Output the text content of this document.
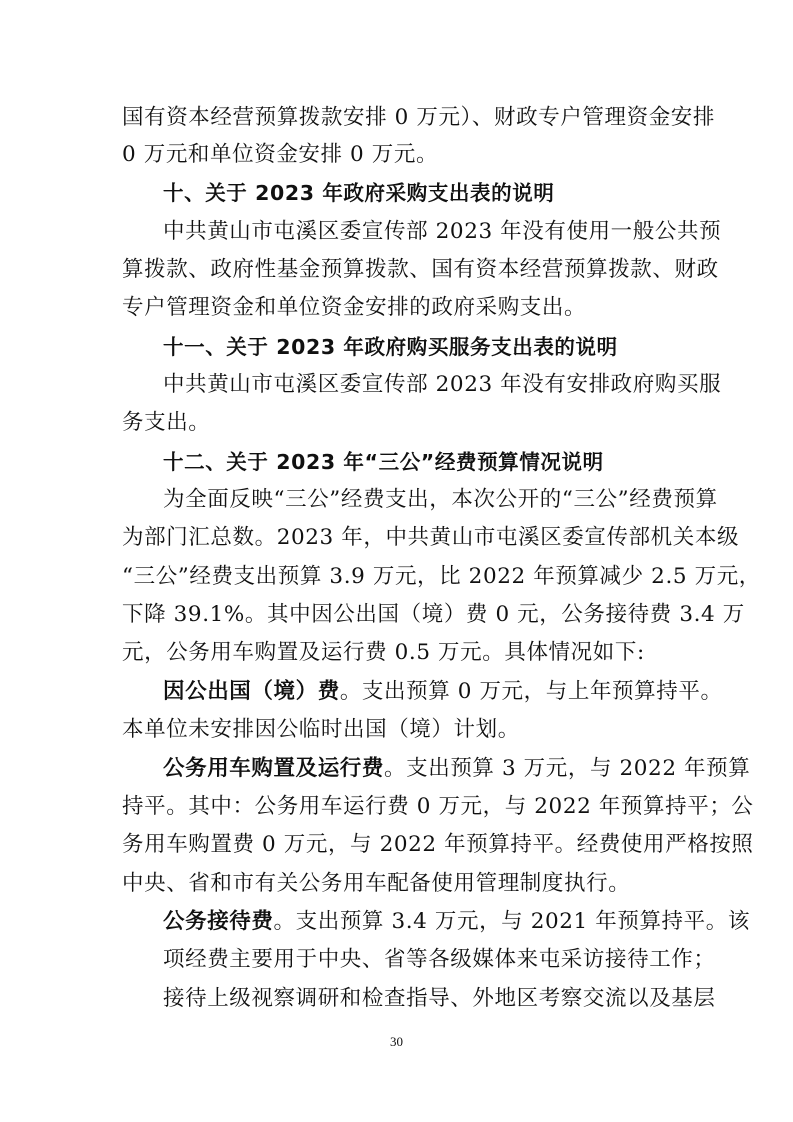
国有资本经营预算拨款安排 0 万元）、财政专户管理资金安排
0 万元和单位资金安排 0 万元。
十、关于 2023 年政府采购支出表的说明
中共黄山市屯溪区委宣传部 2023 年没有使用一般公共预
算拨款、政府性基金预算拨款、国有资本经营预算拨款、财政
专户管理资金和单位资金安排的政府采购支出。
十一、关于 2023 年政府购买服务支出表的说明
中共黄山市屯溪区委宣传部 2023 年没有安排政府购买服
务支出。
十二、关于 2023 年“三公”经费预算情况说明
为全面反映“三公”经费支出，本次公开的“三公”经费预算
为部门汇总数。2023 年，中共黄山市屯溪区委宣传部机关本级
“三公”经费支出预算 3.9 万元，比 2022 年预算减少 2.5 万元，
下降 39.1%。其中因公出国（境）费 0 元，公务接待费 3.4 万
元，公务用车购置及运行费 0.5 万元。具体情况如下:
因公出国（境）费。支出预算 0 万元，与上年预算持平。
本单位未安排因公临时出国（境）计划。
公务用车购置及运行费。支出预算 3 万元，与 2022 年预算
持平。其中：公务用车运行费 0 万元，与 2022 年预算持平；公
务用车购置费 0 万元，与 2022 年预算持平。经费使用严格按照
中央、省和市有关公务用车配备使用管理制度执行。
公务接待费。支出预算 3.4 万元，与 2021 年预算持平。该
项经费主要用于中央、省等各级媒体来屯采访接待工作；
接待上级视察调研和检查指导、外地区考察交流以及基层
30
